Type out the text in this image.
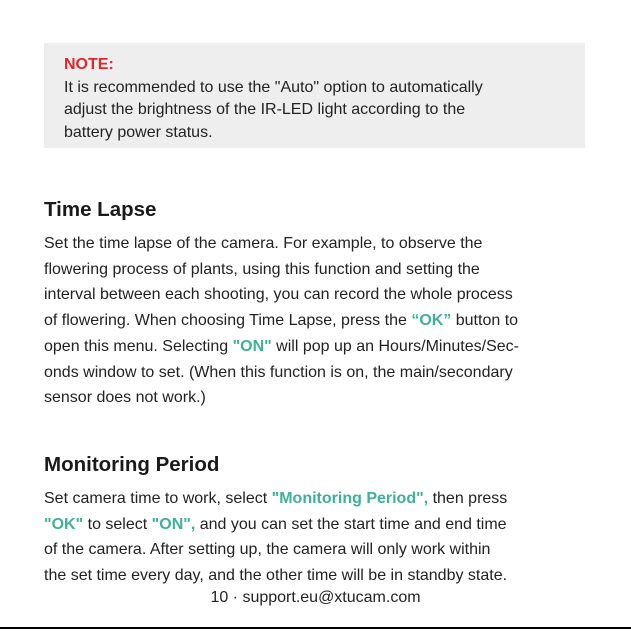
NOTE:
It is recommended to use the "Auto" option to automatically
adjust the brightness of the IR-LED light according to the
battery power status.
Time Lapse
Set the time lapse of the camera. For example, to observe the
flowering process of plants, using this function and setting the
interval between each shooting, you can record the whole process
of flowering. When choosing Time Lapse, press the “OK” button to
open this menu. Selecting "ON" will pop up an Hours/Minutes/Sec-
onds window to set. (When this function is on, the main/secondary
sensor does not work.)
Monitoring Period
Set camera time to work, select "Monitoring Period", then press
"OK" to select "ON", and you can set the start time and end time
of the camera. After setting up, the camera will only work within
the set time every day, and the other time will be in standby state.
10 · support.eu@xtucam.com
